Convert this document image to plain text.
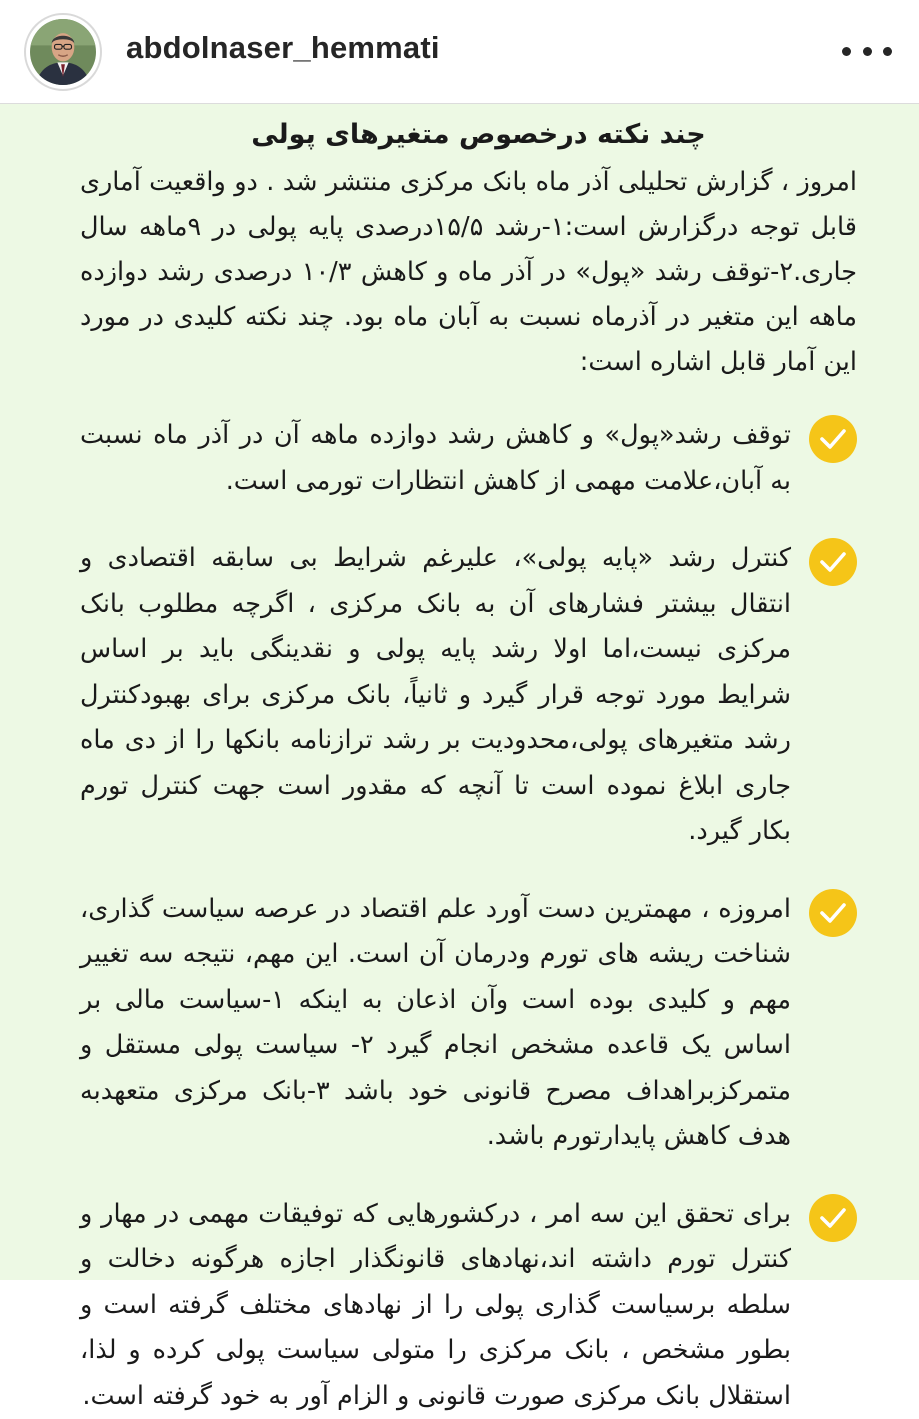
abdolnaser_hemmati
چند نکته درخصوص متغیرهای پولی

امروز ، گزارش تحلیلی آذر ماه بانک مرکزی منتشر شد . دو واقعیت آماری قابل توجه درگزارش است:۱-رشد ۱۵/۵درصدی پایه پولی در ۹ماهه سال جاری.۲-توقف رشد «پول» در آذر ماه و کاهش ۱۰/۳ درصدی رشد دوازده ماهه این متغیر در آذرماه نسبت به آبان ماه بود. چند نکته کلیدی در مورد این آمار قابل اشاره است:

توقف رشد«پول» و کاهش رشد دوازده ماهه آن در آذر ماه نسبت به آبان،علامت مهمی از کاهش انتظارات تورمی است.

کنترل رشد «پایه پولی»، علیرغم شرایط بی سابقه اقتصادی و انتقال بیشتر فشارهای آن به بانک مرکزی ، اگرچه مطلوب بانک مرکزی نیست،اما اولا رشد پایه پولی و نقدینگی باید بر اساس شرایط مورد توجه قرار گیرد و ثانیاً، بانک مرکزی برای بهبودکنترل رشد متغیرهای پولی،محدودیت بر رشد ترازنامه بانکها را از دی ماه جاری ابلاغ نموده است تا آنچه که مقدور است جهت کنترل تورم بکار گیرد.

امروزه ، مهمترین دست آورد علم اقتصاد در عرصه سیاست گذاری، شناخت ریشه های تورم ودرمان آن است. این مهم، نتیجه سه تغییر مهم و کلیدی بوده است وآن اذعان به اینکه ۱-سیاست مالی بر اساس یک قاعده مشخص انجام گیرد ۲- سیاست پولی مستقل و متمرکزبراهداف مصرح قانونی خود باشد ۳-بانک مرکزی متعهدبه هدف کاهش پایدارتورم باشد.

برای تحقق این سه امر ، درکشورهایی که توفیقات مهمی در مهار و کنترل تورم داشته اند،نهادهای قانونگذار اجازه هرگونه دخالت و سلطه برسیاست گذاری پولی را از نهادهای مختلف گرفته است و بطور مشخص ، بانک مرکزی را متولی سیاست پولی کرده و لذا، استقلال بانک مرکزی صورت قانونی و الزام آور به خود گرفته است.
